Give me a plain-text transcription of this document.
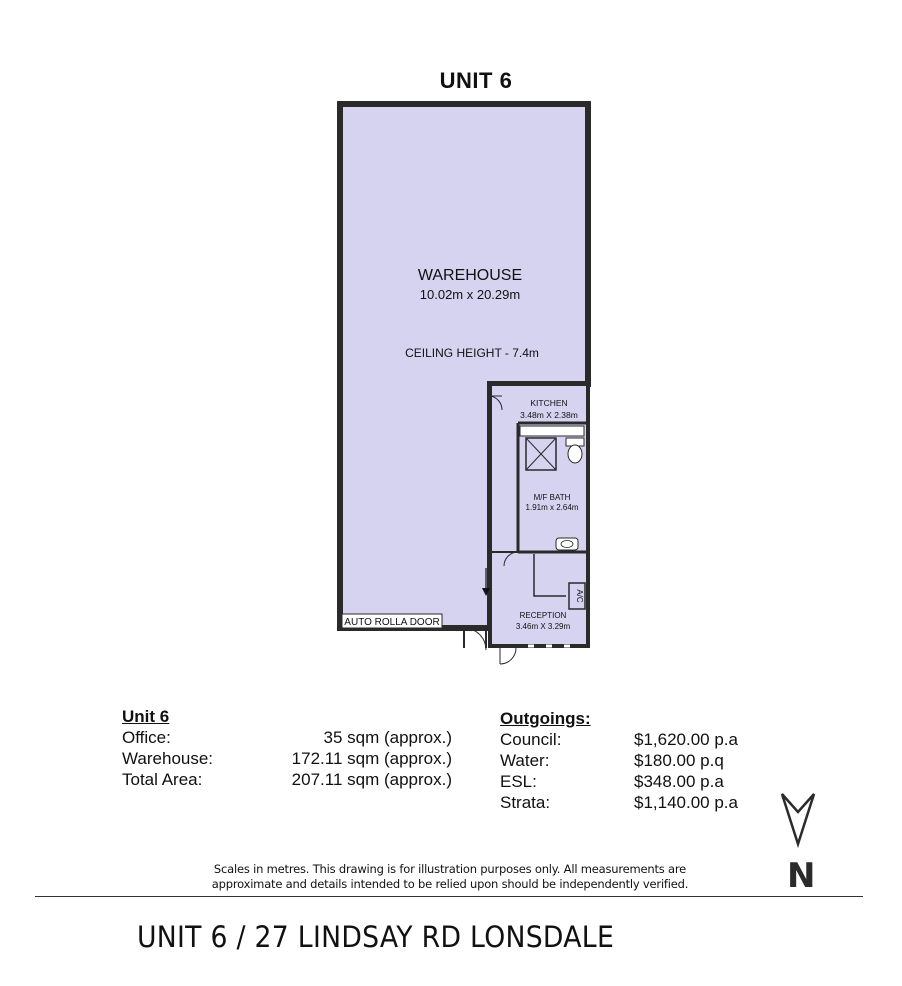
UNIT 6
AUTO ROLLA DOOR
WAREHOUSE
10.02m x 20.29m
CEILING HEIGHT - 7.4m
KITCHEN
3.48m X 2.38m
M/F BATH
1.91m x 2.64m
RECEPTION
3.46m X 3.29m
A/C
Unit 6
Office:	35 sqm (approx.)
Warehouse:	172.11 sqm (approx.)
Total Area:	207.11 sqm (approx.)
Outgoings:
Council:	$1,620.00 p.a
Water:	$180.00 p.q
ESL:	$348.00 p.a
Strata:	$1,140.00 p.a
N
Scales in metres. This drawing is for illustration purposes only. All measurements are
approximate and details intended to be relied upon should be independently verified.
UNIT 6 / 27 LINDSAY RD LONSDALE
